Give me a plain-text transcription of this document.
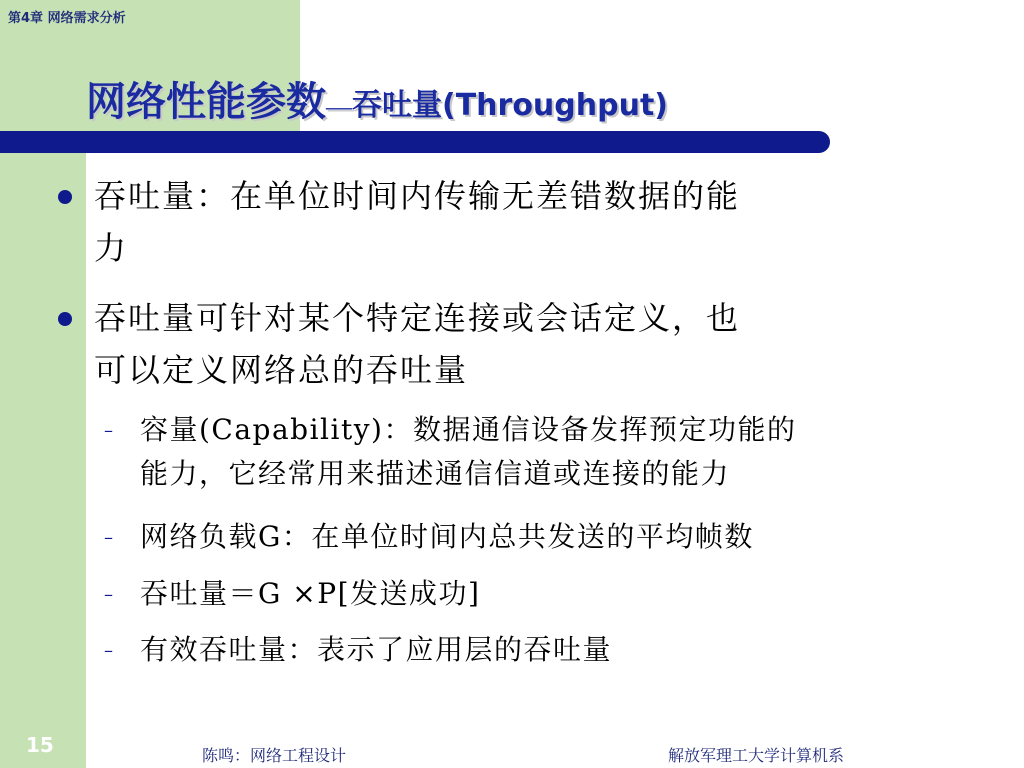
第4章 网络需求分析
网络性能参数—吞吐量(Throughput)
吞吐量：在单位时间内传输无差错数据的能
力
吞吐量可针对某个特定连接或会话定义，也
可以定义网络总的吞吐量
– 容量(Capability)：数据通信设备发挥预定功能的
能力，它经常用来描述通信信道或连接的能力
– 网络负载G：在单位时间内总共发送的平均帧数
– 吞吐量＝G ×P[发送成功]
– 有效吞吐量：表示了应用层的吞吐量
15	陈鸣：网络工程设计	解放军理工大学计算机系
